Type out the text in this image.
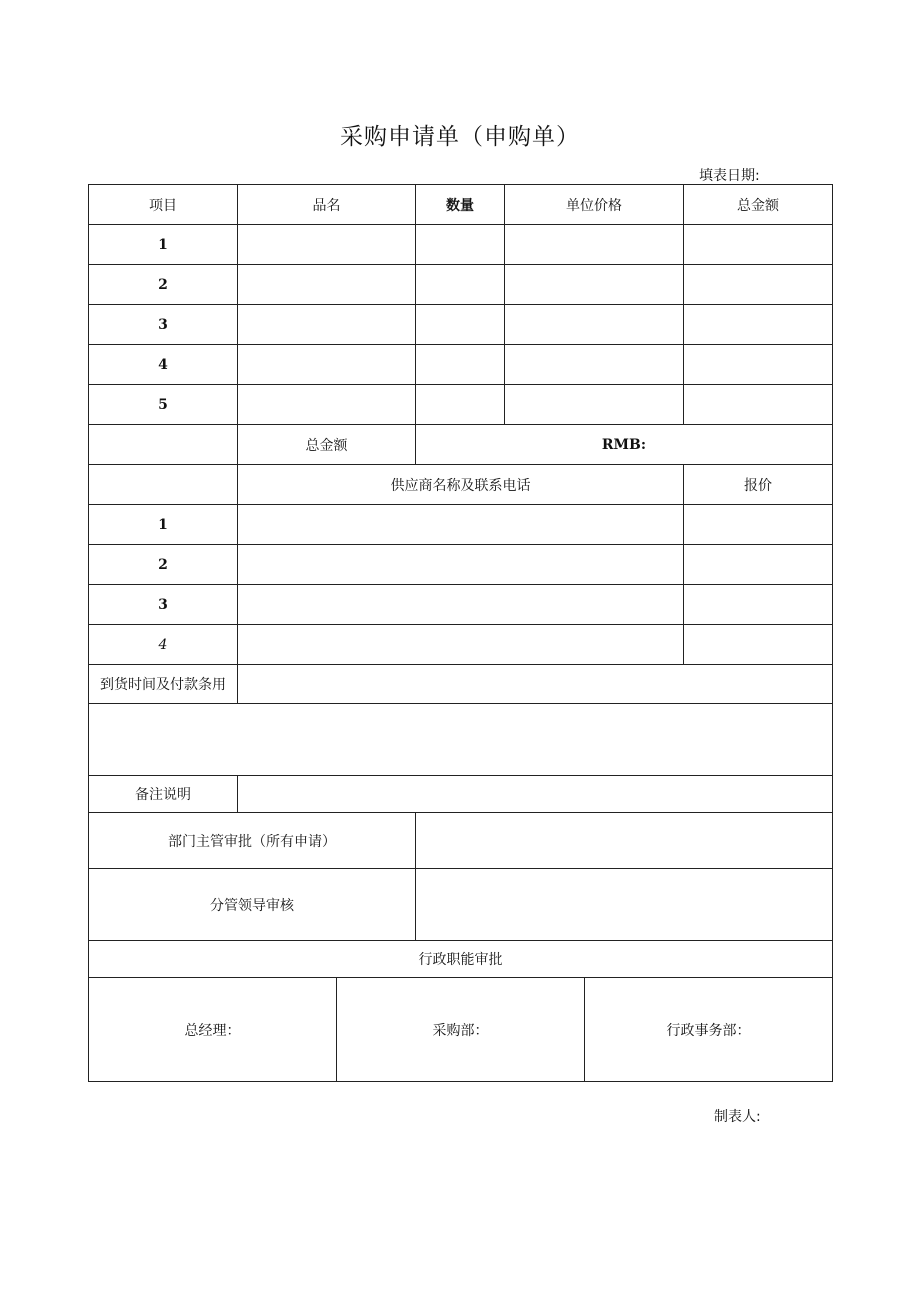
采购申请单（申购单）
填表日期:
项目	品名	数量	单位价格	总金额
1				
2				
3				
4				
5				
	总金额	RMB:
	供应商名称及联系电话	报价
1		
2		
3		
4		
到货时间及付款条用	

备注说明	
部门主管审批（所有申请）	
分管领导审核	
行政职能审批

总经理：	采购部：	行政事务部：
制表人:
